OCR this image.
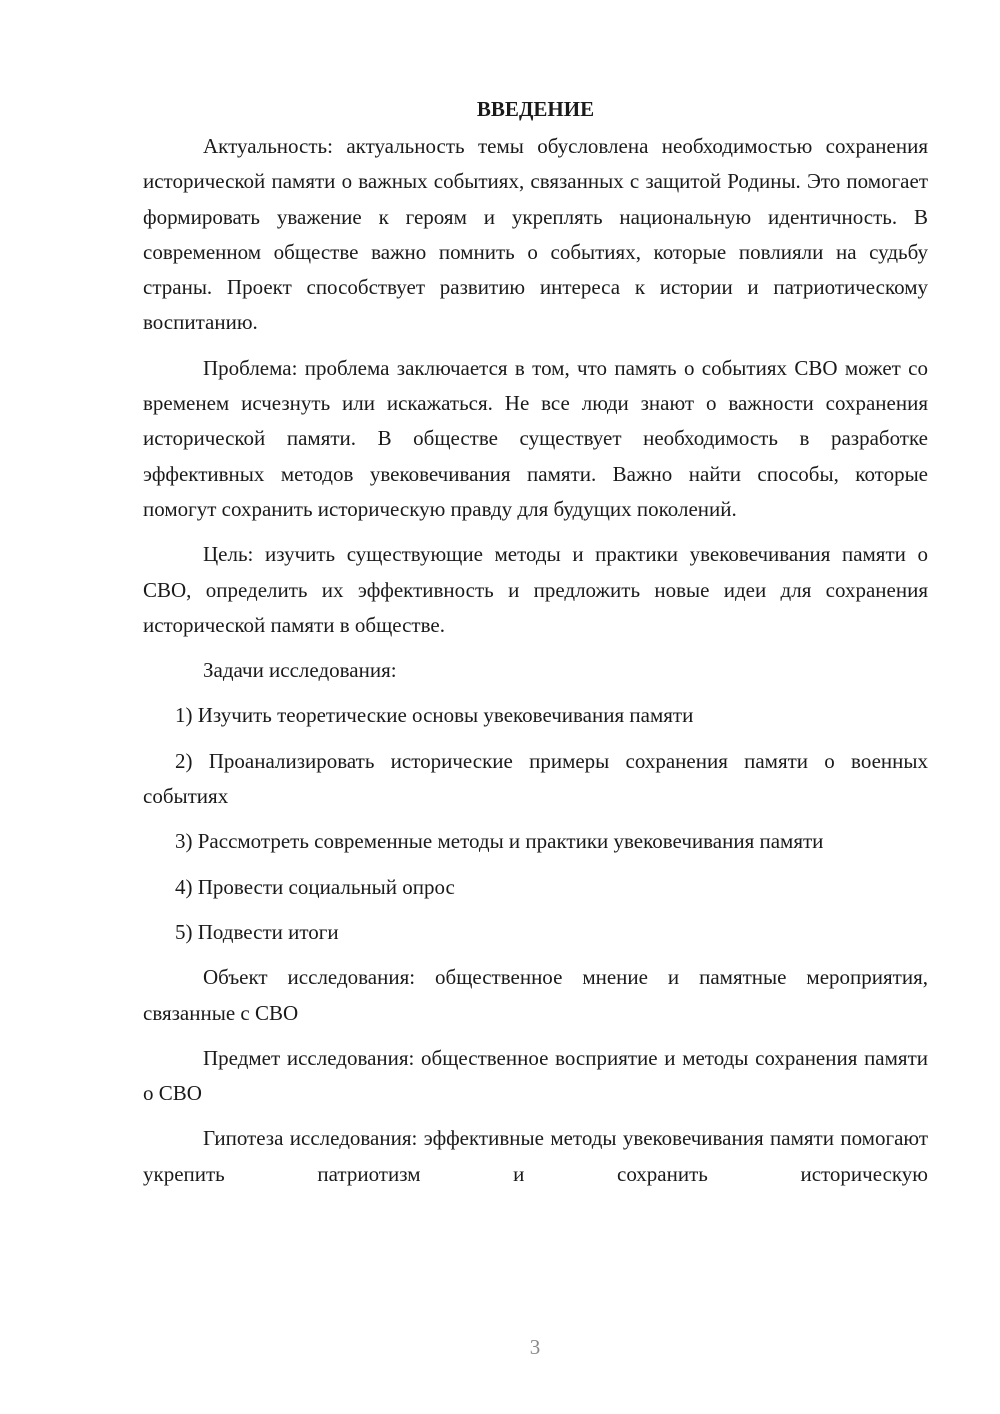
ВВЕДЕНИЕ

Актуальность: актуальность темы обусловлена необходимостью сохранения исторической памяти о важных событиях, связанных с защитой Родины. Это помогает формировать уважение к героям и укреплять национальную идентичность. В современном обществе важно помнить о событиях, которые повлияли на судьбу страны. Проект способствует развитию интереса к истории и патриотическому воспитанию.

Проблема: проблема заключается в том, что память о событиях СВО может со временем исчезнуть или искажаться. Не все люди знают о важности сохранения исторической памяти. В обществе существует необходимость в разработке эффективных методов увековечивания памяти. Важно найти способы, которые помогут сохранить историческую правду для будущих поколений.

Цель: изучить существующие методы и практики увековечивания памяти о СВО, определить их эффективность и предложить новые идеи для сохранения исторической памяти в обществе.

Задачи исследования:

1) Изучить теоретические основы увековечивания памяти

2) Проанализировать исторические примеры сохранения памяти о военных событиях

3) Рассмотреть современные методы и практики увековечивания памяти

4) Провести социальный опрос

5) Подвести итоги

Объект исследования: общественное мнение и памятные мероприятия, связанные с СВО

Предмет исследования: общественное восприятие и методы сохранения памяти о СВО

Гипотеза исследования: эффективные методы увековечивания памяти помогают укрепить патриотизм и сохранить историческую

3
